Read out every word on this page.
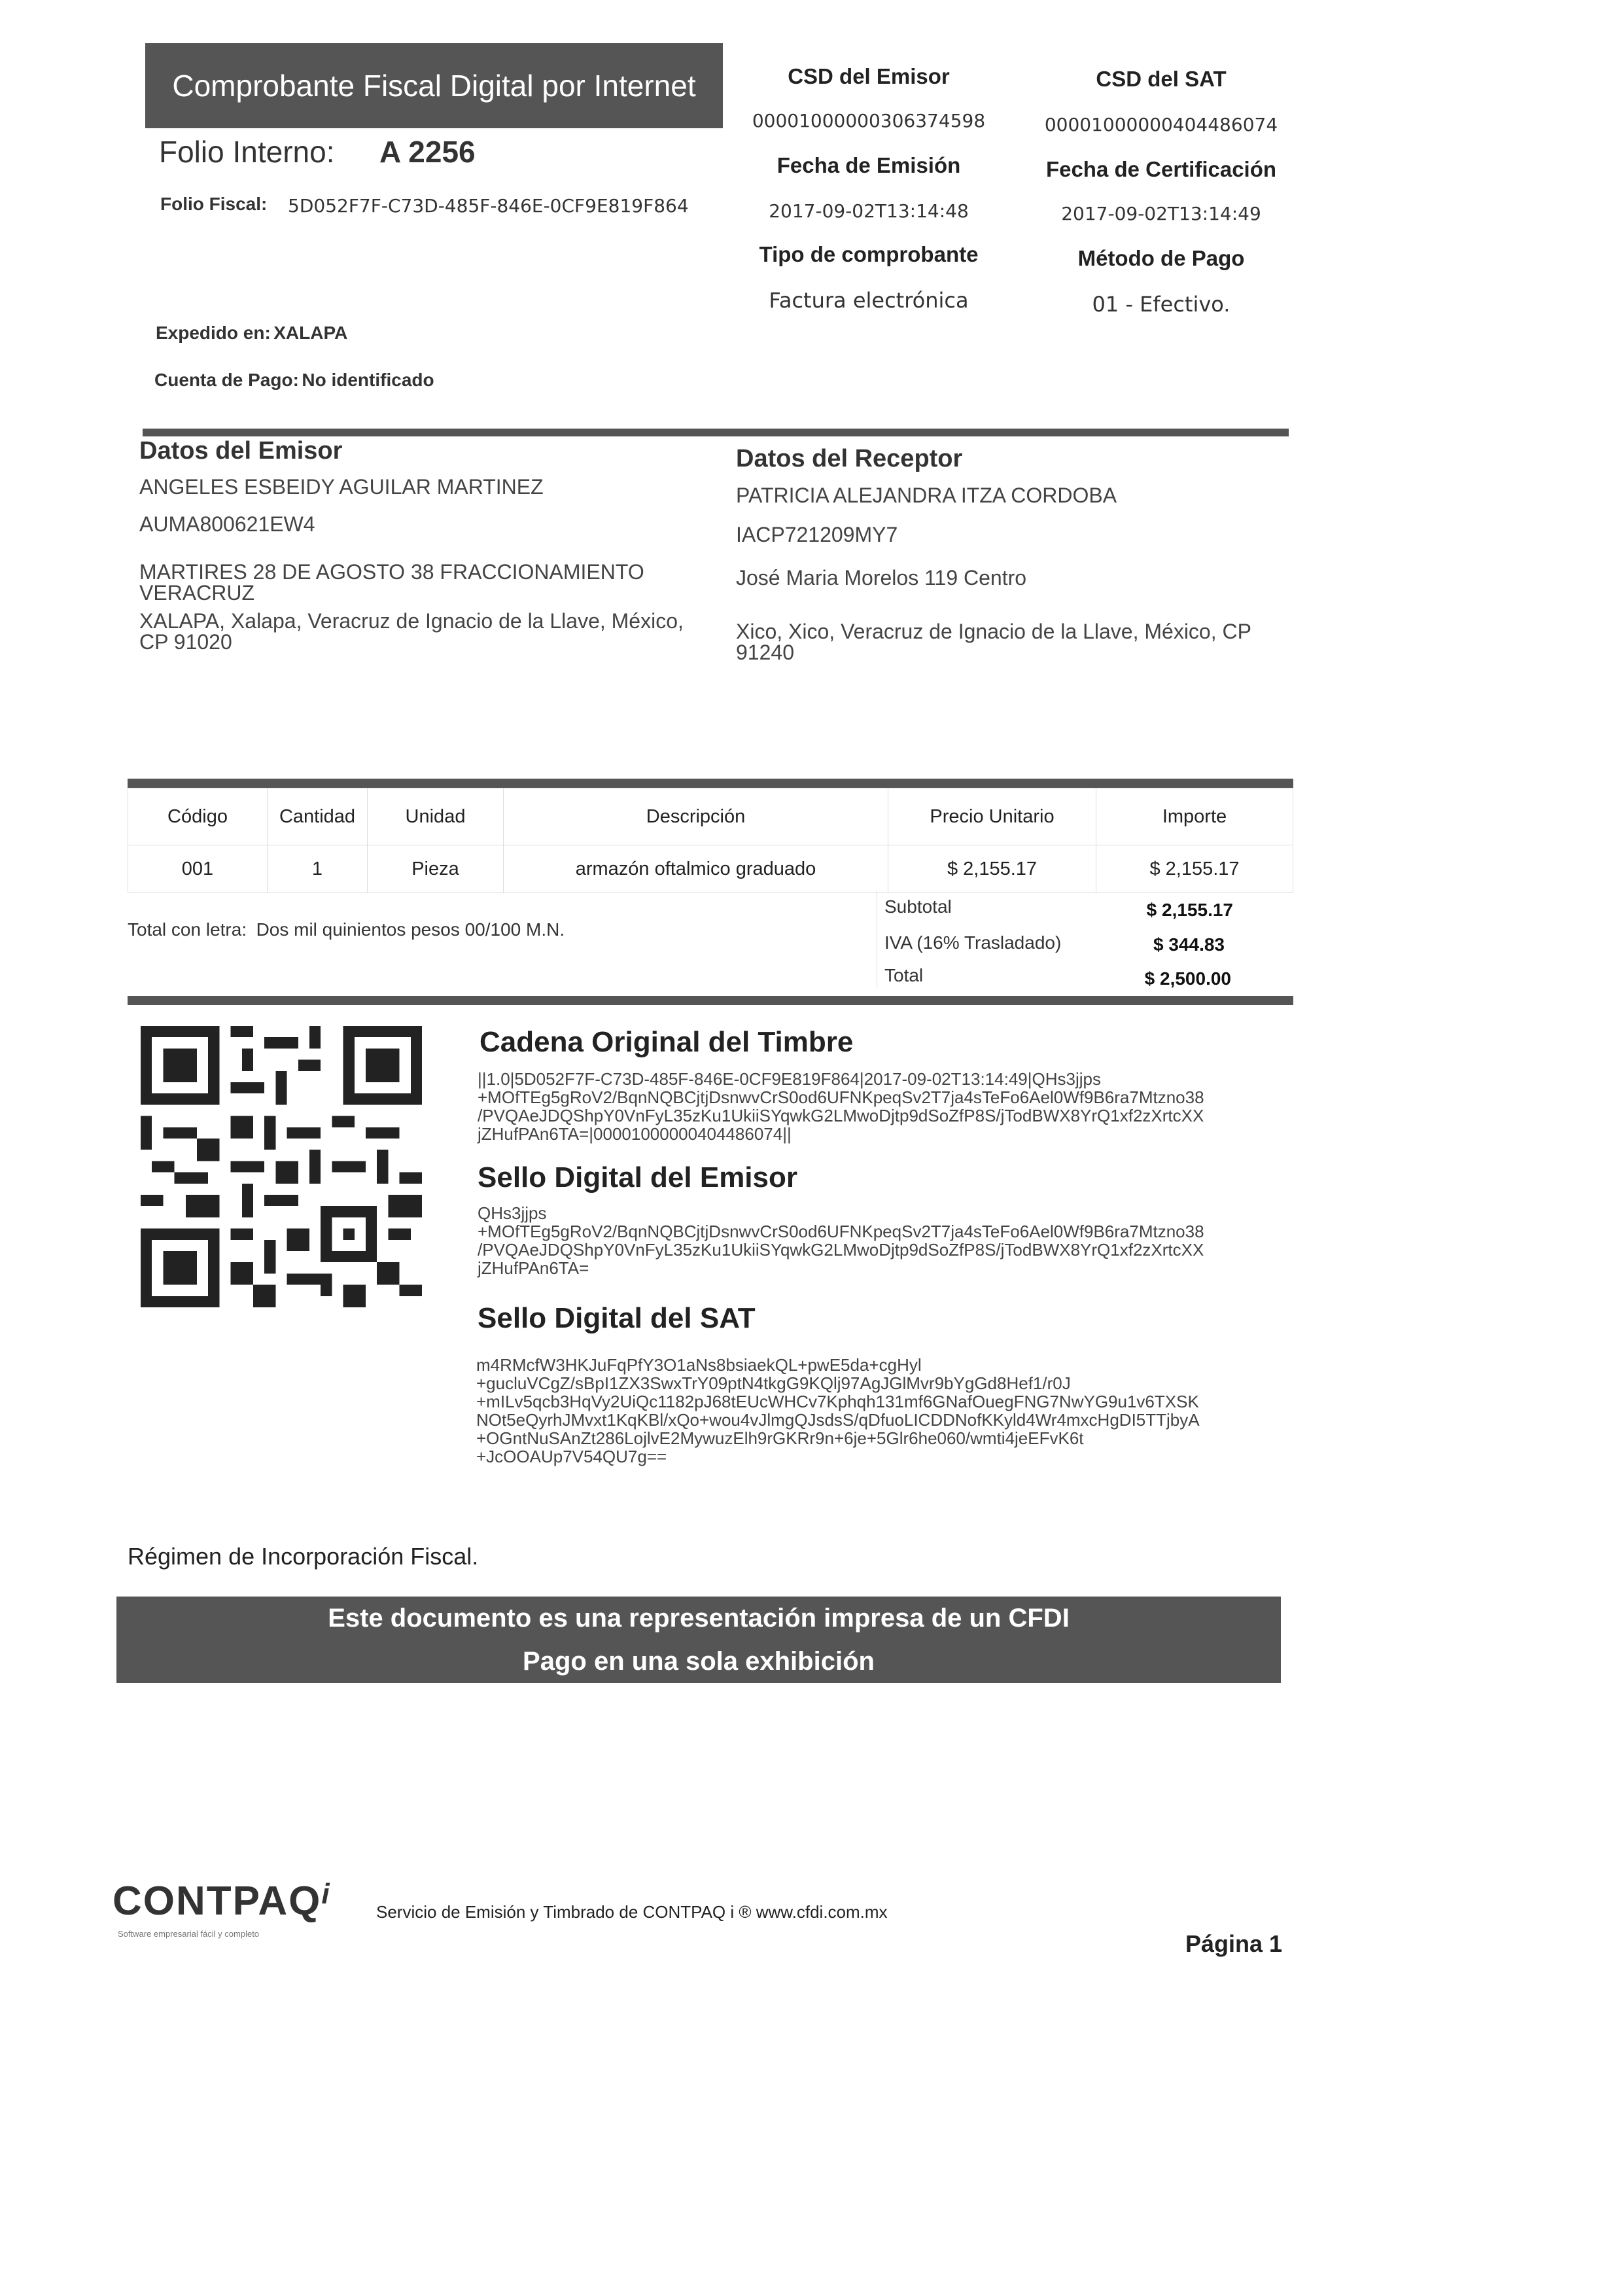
Comprobante Fiscal Digital por Internet
Folio Interno: A 2256
Folio Fiscal: 5D052F7F-C73D-485F-846E-0CF9E819F864
Expedido en: XALAPA
Cuenta de Pago: No identificado
CSD del Emisor
00001000000306374598
CSD del SAT
00001000000404486074
Fecha de Emisión
2017-09-02T13:14:48
Fecha de Certificación
2017-09-02T13:14:49
Tipo de comprobante
Factura electrónica
Método de Pago
01 - Efectivo.
Datos del Emisor
ANGELES ESBEIDY AGUILAR MARTINEZ
AUMA800621EW4
MARTIRES 28 DE AGOSTO 38 FRACCIONAMIENTO
VERACRUZ
XALAPA, Xalapa, Veracruz de Ignacio de la Llave, México,
CP 91020
Datos del Receptor
PATRICIA ALEJANDRA ITZA CORDOBA
IACP721209MY7
José Maria Morelos 119 Centro
Xico, Xico, Veracruz de Ignacio de la Llave, México, CP
91240
Código	Cantidad	Unidad	Descripción	Precio Unitario	Importe
001	1	Pieza	armazón oftalmico graduado	$ 2,155.17	$ 2,155.17
Total con letra: Dos mil quinientos pesos 00/100 M.N.
Subtotal	$ 2,155.17
IVA (16% Trasladado)	$ 344.83
Total	$ 2,500.00
Cadena Original del Timbre
||1.0|5D052F7F-C73D-485F-846E-0CF9E819F864|2017-09-02T13:14:49|QHs3jjps
+MOfTEg5gRoV2/BqnNQBCjtjDsnwvCrS0od6UFNKpeqSv2T7ja4sTeFo6Ael0Wf9B6ra7Mtzno38
/PVQAeJDQShpY0VnFyL35zKu1UkiiSYqwkG2LMwoDjtp9dSoZfP8S/jTodBWX8YrQ1xf2zXrtcXX
jZHufPAn6TA=|00001000000404486074||
Sello Digital del Emisor
QHs3jjps
+MOfTEg5gRoV2/BqnNQBCjtjDsnwvCrS0od6UFNKpeqSv2T7ja4sTeFo6Ael0Wf9B6ra7Mtzno38
/PVQAeJDQShpY0VnFyL35zKu1UkiiSYqwkG2LMwoDjtp9dSoZfP8S/jTodBWX8YrQ1xf2zXrtcXX
jZHufPAn6TA=
Sello Digital del SAT
m4RMcfW3HKJuFqPfY3O1aNs8bsiaekQL+pwE5da+cgHyl
+gucluVCgZ/sBpI1ZX3SwxTrY09ptN4tkgG9KQlj97AgJGlMvr9bYgGd8Hef1/r0J
+mILv5qcb3HqVy2UiQc1182pJ68tEUcWHCv7Kphqh131mf6GNafOuegFNG7NwYG9u1v6TXSK
NOt5eQyrhJMvxt1KqKBl/xQo+wou4vJlmgQJsdsS/qDfuoLICDDNofKKyld4Wr4mxcHgDI5TTjbyA
+OGntNuSAnZt286LojlvE2MywuzElh9rGKRr9n+6je+5Glr6he060/wmti4jeEFvK6t
+JcOOAUp7V54QU7g==
Régimen de Incorporación Fiscal.
Este documento es una representación impresa de un CFDI
Pago en una sola exhibición
CONTPAQ$^i$
Software empresarial fácil y completo
Servicio de Emisión y Timbrado de CONTPAQ i ® www.cfdi.com.mx
Página 1
